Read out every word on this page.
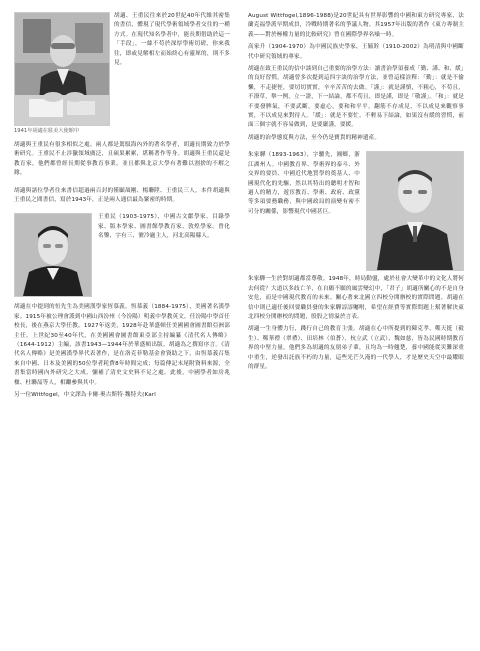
1941年胡適在駐美大使館中

胡適、王重民往來於20世紀40年代維其密集的書信，體現了現代學術領域學者交往的一種方式。在現代知名學者中，能長期借助於這一「手段」，一絲不苟於深厚學術切磋，你來我往，即或見解相左而始終心有靈犀的，則不多見。

胡適與王重民有很多相似之處。兩人都是駕馭海內外的著名學者，胡適長期致力於學術研究。王重民不止涉獵領域廣泛，且碩果累累，堪稱著作等身。胡適與王重民還是教育家，他們都曾經長期從事教育事業，並且都與北京大學有著難以割捨的不解之緣。

胡適與諸位學者往來書信超過兩百封的僅顧頡剛、楊聯陞、王重民三人。本件胡適與王重民之間書信，寫於1943年，正是兩人通信最為緊密的時期。

王重民（1903-1975），中國古文獻學家、目錄學家、版本學家、圖書館學教育家、敦煌學家。曾化名鑒，字有三，號冷廬主人，河北高陽縣人。

胡適在中提到的恒先生為美國漢學家恆慕義。恆慕義（1884-1975），美國著名漢學家。1915年被公理會派到中國山西汾州（今汾陽）明義中學教英文，任汾陽中學首任校長，後在燕京大學任教。1927年返美，1928年赴華盛頓任美國國會圖書館亞洲部主任。上世紀30至40年代，在美國國會圖書館東亞部主持編纂《清代名人傳略》（1644-1912）主編，該書1943—1944年於華盛頓出版。胡適為之撰寫序言。《清代名人傳略》是美國漢學界代表著作，是在洛克菲勒基金會資助之下，由恆慕義召集來自中國、日本及美國的50位學者耗費8年時間完成；每篇傳記末尾附資料來源，全書集當時國內外研究之大成，彌補了清史文史料不足之處。此後，中國學者如房兆楹、杜聯喆等人，相繼參與其中。

另一位Wittfogel，中文譯為卡爾‧奧古斯特‧魏特夫(Karl

August Wittfogel,1896-1988)是20世紀具有世界影響的中國和東方研究專家，法蘭克福學派早期成員，冷戰時期著名的爭議人物。其1957年出版的著作《東方專制主義——對於極權力量的比較研究》曾在國際學界名噪一時。

高家升（1904-1970）為中國民族史學家，王毓銓（1910-2002）為明清與中國斷代中研究領域的專家。

胡適在致王重民的信中談到自己重要的治學方法：讀書治學須養成「勤、謹、和、緩」的良好習慣。胡適曾多次提到這四字訣的治學方法，並曾這樣詮釋：「勤」：就是不偷懶，不走捷徑，要切切實實，辛辛苦苦的去做。「謹」：就是謹慎，不粗心，不苟且，不潦草，舉一例，立一證，下一結論，都不苟且，即是謹，即是「敬謹」。「和」：就是不要發脾氣，不要武斷，要虛心，要和和平平，翻筋不存成見，不以成見來觀察事實，不以成見來對待人。「緩」：就是不要忙，不輕易下結論，如果沒有緩的習慣，前面三個字就不容易做到，是要嚴謹，要緩。

胡適的治學態度與方法，至今仍是寶貴的精神遺產。

朱家驊（1893-1963），字騮先，湘鄉，浙江湖州人。中國教育界、學術界的泰斗、外交界的要員、中國近代地質學的奠基人、中國現代化的先驅，然以其特出的聰明才智和過人的精力，遊宦教育、學術、政府、政黨等多項要務職務，與中國政局的演變有密不可分的關係，影響現代中國甚巨。

朱家驊一生於對胡適都當尊敬。1948年，時局動盪，處於社會大變革中的文化人將何去何從？大道以多歧亡羊，在自願不願的風雲變幻中，「君子」胡適所關心的不是自身安危，而是中國現代教育的未來。關心著來北國立四校分開辦校的實際問題。胡適在信中則已適任後回要職員發的朱家驊諄諄囑咐，希望在經費等實際問題上幫著解決東北四校分開辦校的問題，股股之情溢於言表。

胡適一生身體力行，踐行自己的教育主張。胡適在心中所提到的陳克孝、鄭天挺（毅生）、鄭華禮（翠禮）、田培林（伯蒼）、杭立武（立武）、魏如慈，皆為民國時期教育界的中堅力量。他們多為胡適的友朋弟子輩，且均為一時翹楚，養中國能從災難深重中重生，逆發出託族不朽的力量，這些光芒久淹的一代學人，才是歷史天空中最耀眼的群星。
